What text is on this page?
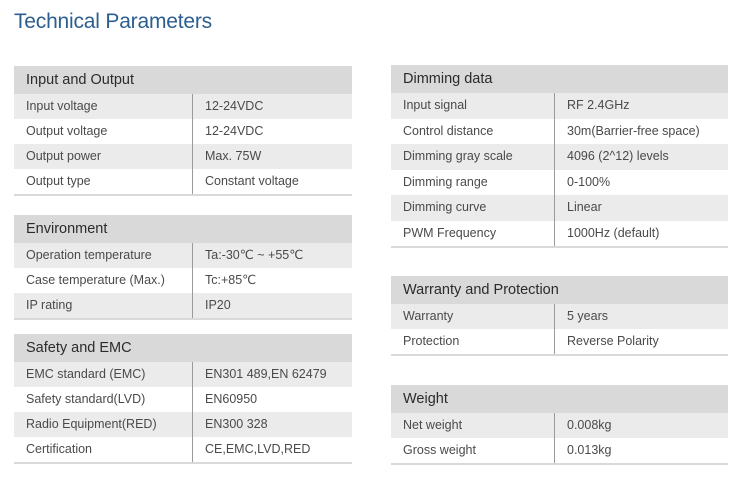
Technical Parameters
Input and Output
Input voltage	12-24VDC
Output voltage	12-24VDC
Output power	Max. 75W
Output type	Constant voltage
Environment
Operation temperature	Ta:-30℃ ~ +55℃
Case temperature (Max.)	Tc:+85℃
IP rating	IP20
Safety and EMC
EMC standard (EMC)	EN301 489,EN 62479
Safety standard(LVD)	EN60950
Radio Equipment(RED)	EN300 328
Certification	CE,EMC,LVD,RED
Dimming data
Input signal	RF 2.4GHz
Control distance	30m(Barrier-free space)
Dimming gray scale	4096 (2^12) levels
Dimming range	0-100%
Dimming curve	Linear
PWM Frequency	1000Hz (default)
Warranty and Protection
Warranty	5 years
Protection	Reverse Polarity
Weight
Net weight	0.008kg
Gross weight	0.013kg
